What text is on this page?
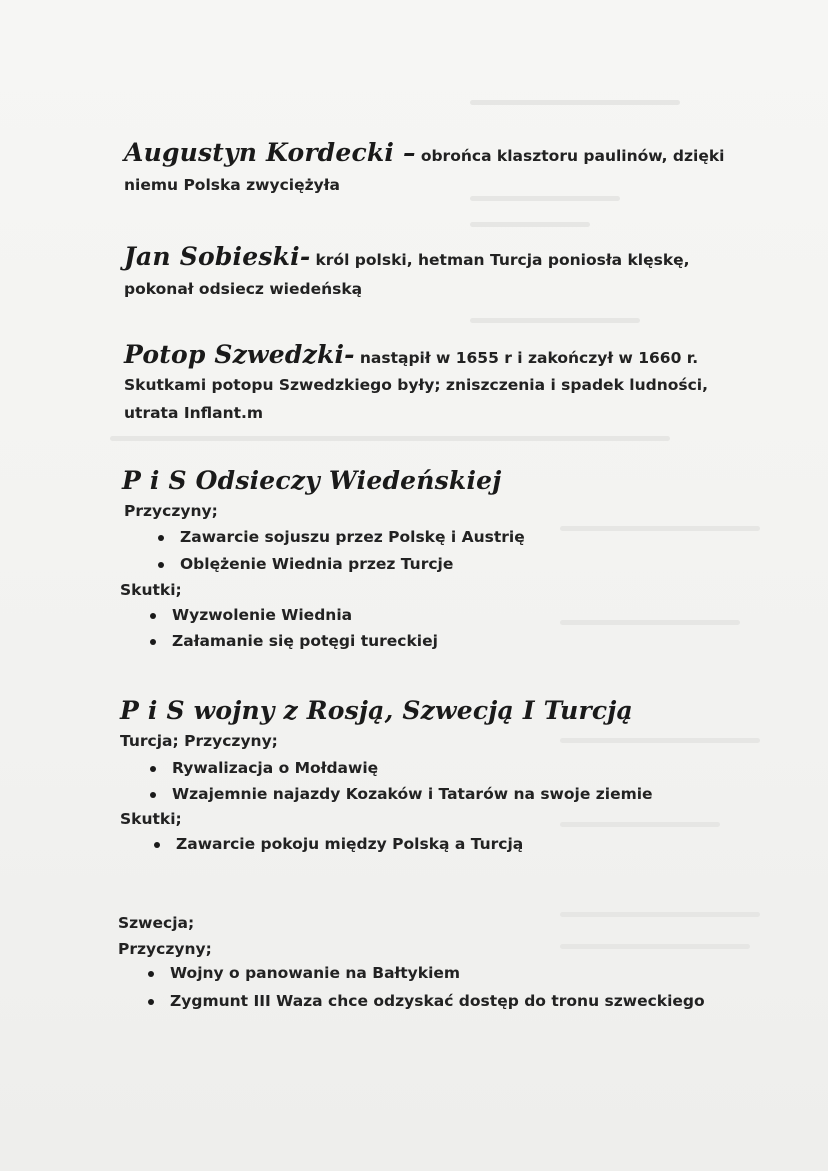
Augustyn Kordecki – obrońca klasztoru paulinów, dzięki
niemu Polska zwyciężyła
Jan Sobieski- król polski, hetman Turcja poniosła klęskę,
pokonał odsiecz wiedeńską
Potop Szwedzki- nastąpił w 1655 r i zakończył w 1660 r.
Skutkami potopu Szwedzkiego były; zniszczenia i spadek ludności,
utrata Inflant.m
P i S Odsieczy Wiedeńskiej
Przyczyny;
Zawarcie sojuszu przez Polskę i Austrię
Oblężenie Wiednia przez Turcje
Skutki;
Wyzwolenie Wiednia
Załamanie się potęgi tureckiej
P i S wojny z Rosją, Szwecją I Turcją
Turcja; Przyczyny;
Rywalizacja o Mołdawię
Wzajemnie najazdy Kozaków i Tatarów na swoje ziemie
Skutki;
Zawarcie pokoju między Polską a Turcją
Szwecja;
Przyczyny;
Wojny o panowanie na Bałtykiem
Zygmunt III Waza chce odzyskać dostęp do tronu szweckiego
